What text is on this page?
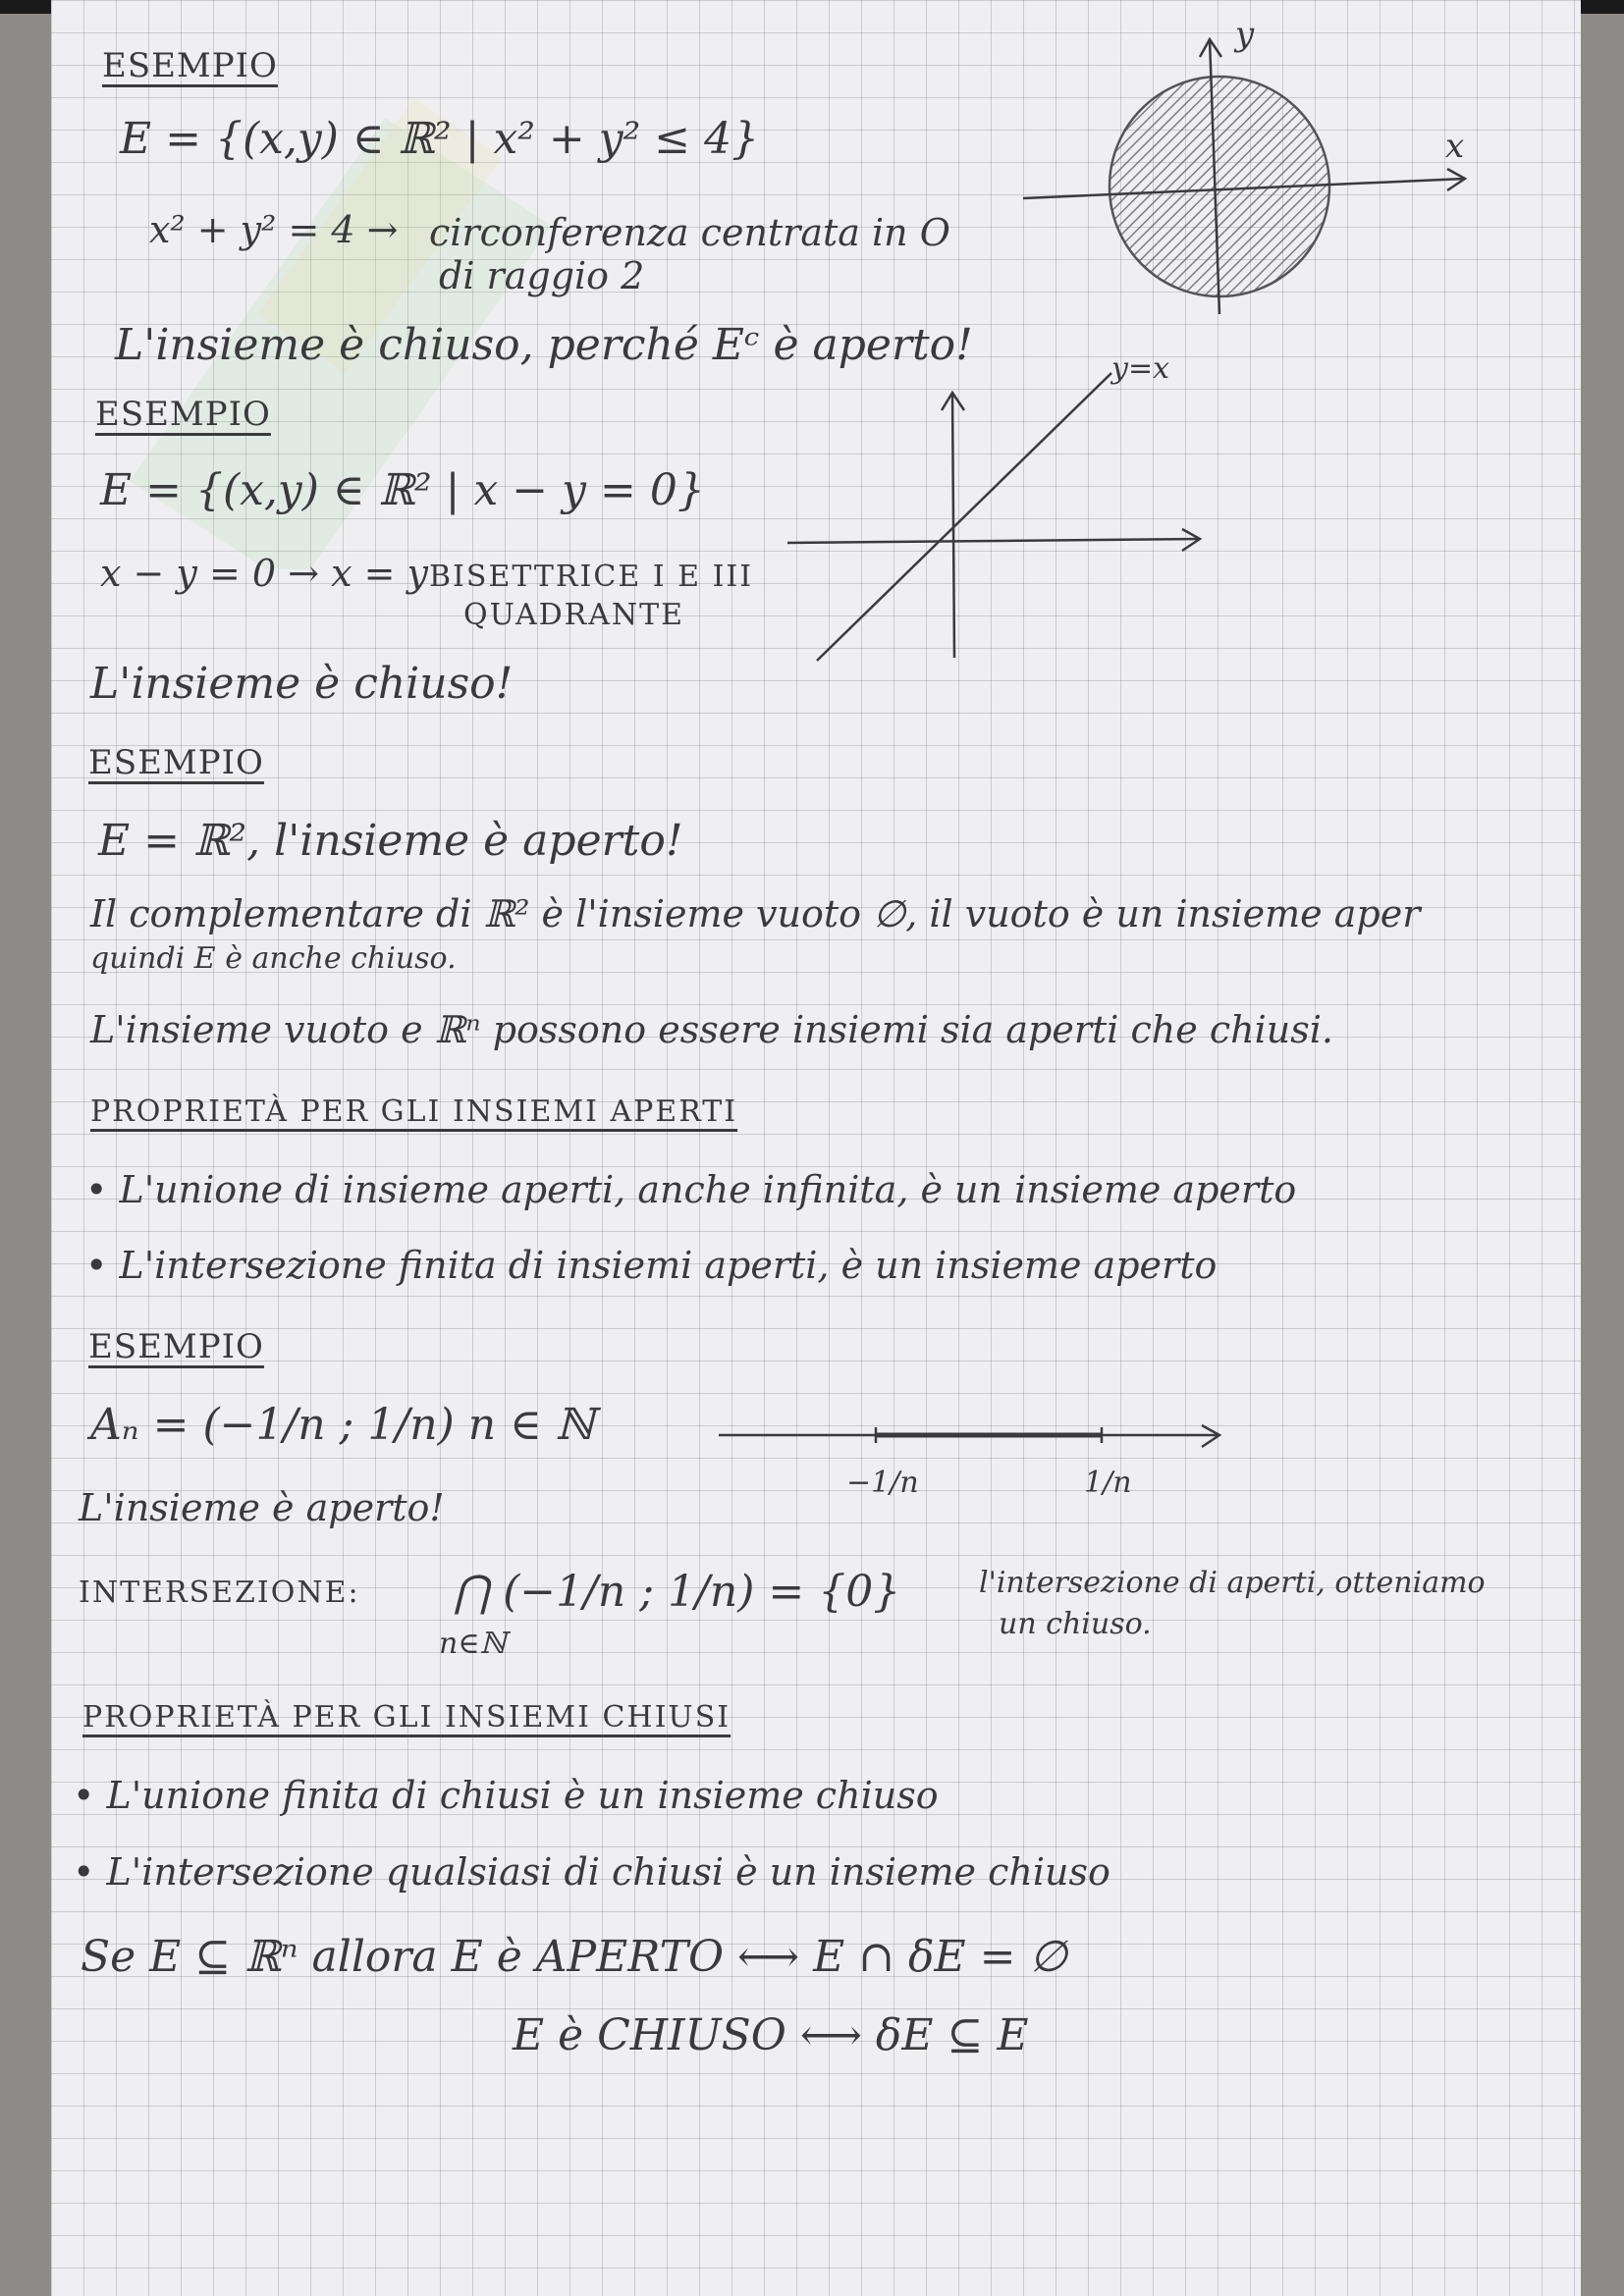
ESEMPIO
E = {(x,y) ∈ ℝ² | x² + y² ≤ 4}
x² + y² = 4 → circonferenza centrata in O
di raggio 2
L'insieme è chiuso, perché Eᶜ è aperto!
x
y
ESEMPIO
E = {(x,y) ∈ ℝ² | x − y = 0}
x − y = 0 → x = y BISETTRICE I E III
QUADRANTE
L'insieme è chiuso!
y=x
ESEMPIO
E = ℝ², l'insieme è aperto!
Il complementare di ℝ² è l'insieme vuoto ∅, il vuoto è un insieme aper
quindi E è anche chiuso.
L'insieme vuoto e ℝⁿ possono essere insiemi sia aperti che chiusi.
PROPRIETÀ PER GLI INSIEMI APERTI
• L'unione di insieme aperti, anche infinita, è un insieme aperto
• L'intersezione finita di insiemi aperti, è un insieme aperto
ESEMPIO
Aₙ = (−1/n ; 1/n) n ∈ ℕ
L'insieme è aperto!
−1/n	1/n
INTERSEZIONE: ⋂ (−1/n ; 1/n) = {0}
n∈ℕ
l'intersezione di aperti, otteniamo
un chiuso.
PROPRIETÀ PER GLI INSIEMI CHIUSI
• L'unione finita di chiusi è un insieme chiuso
• L'intersezione qualsiasi di chiusi è un insieme chiuso
Se E ⊆ ℝⁿ allora E è APERTO ⟷ E ∩ δE = ∅
E è CHIUSO ⟷ δE ⊆ E
